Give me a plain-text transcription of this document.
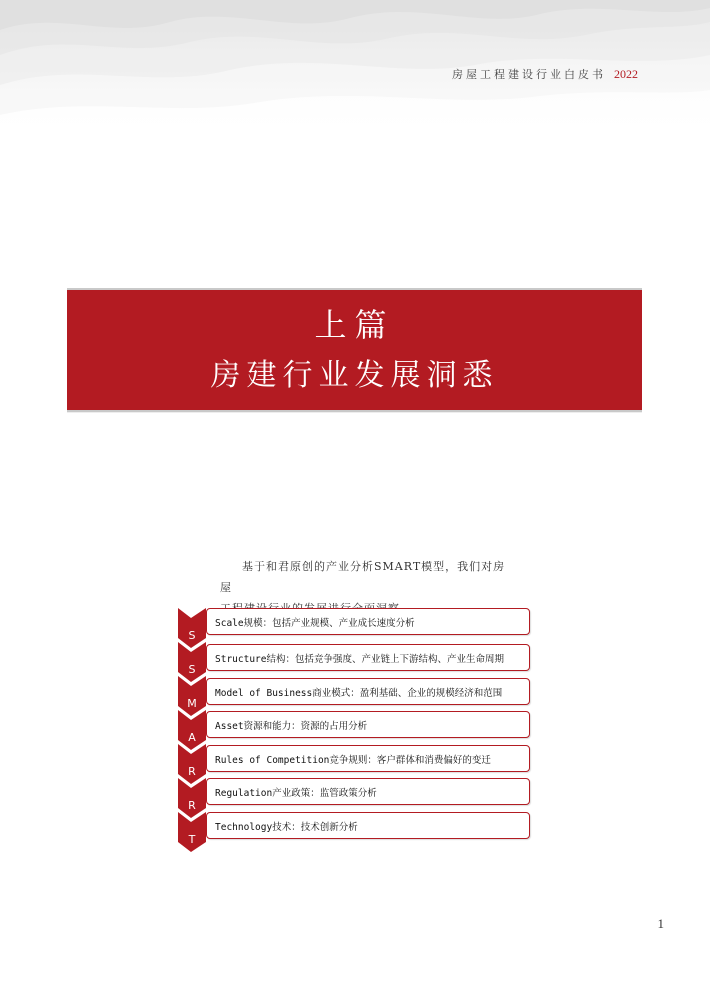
房屋工程建设行业白皮书 2022
上篇
房建行业发展洞悉
基于和君原创的产业分析SMART模型，我们对房屋
S
S
M
A
R
R
T
Scale规模：包括产业规模、产业成长速度分析
Structure结构：包括竞争强度、产业链上下游结构、产业生命周期
Model of Business商业模式：盈利基础、企业的规模经济和范围
Asset资源和能力：资源的占用分析
Rules of Competition竞争规则：客户群体和消费偏好的变迁
Regulation产业政策：监管政策分析
Technology技术：技术创新分析
1
